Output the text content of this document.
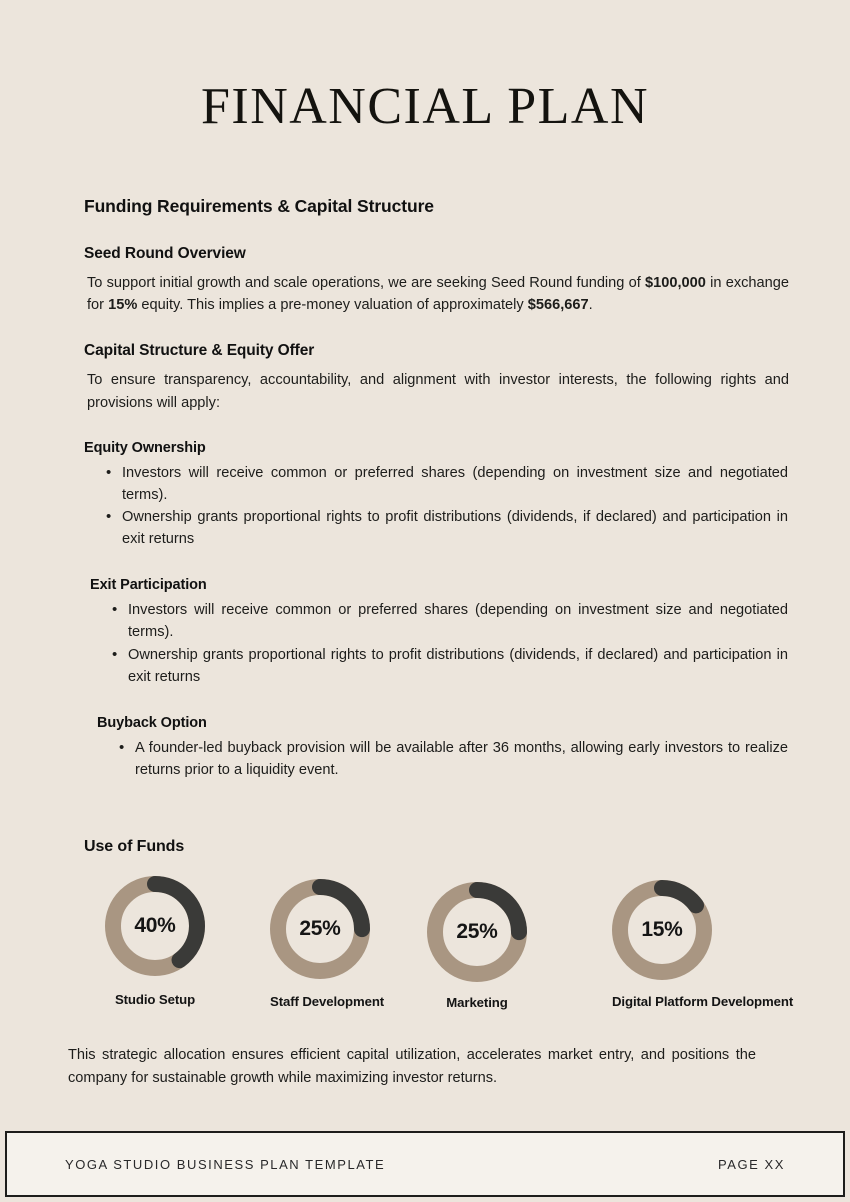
FINANCIAL PLAN
Funding Requirements & Capital Structure
Seed Round Overview

To support initial growth and scale operations, we are seeking Seed Round funding of $100,000 in exchange for 15% equity. This implies a pre-money valuation of approximately $566,667.

Capital Structure & Equity Offer

To ensure transparency, accountability, and alignment with investor interests, the following rights and provisions will apply:

Equity Ownership
• Investors will receive common or preferred shares (depending on investment size and negotiated terms).
• Ownership grants proportional rights to profit distributions (dividends, if declared) and participation in exit returns
Exit Participation
• Investors will receive common or preferred shares (depending on investment size and negotiated terms).
• Ownership grants proportional rights to profit distributions (dividends, if declared) and participation in exit returns
Buyback Option
• A founder-led buyback provision will be available after 36 months, allowing early investors to realize returns prior to a liquidity event.
Use of Funds
40%
Studio Setup
25%
Staff Development
25%
Marketing
15%
Digital Platform Development

This strategic allocation ensures efficient capital utilization, accelerates market entry, and positions the company for sustainable growth while maximizing investor returns.

YOGA STUDIO BUSINESS PLAN TEMPLATE	PAGE XX
